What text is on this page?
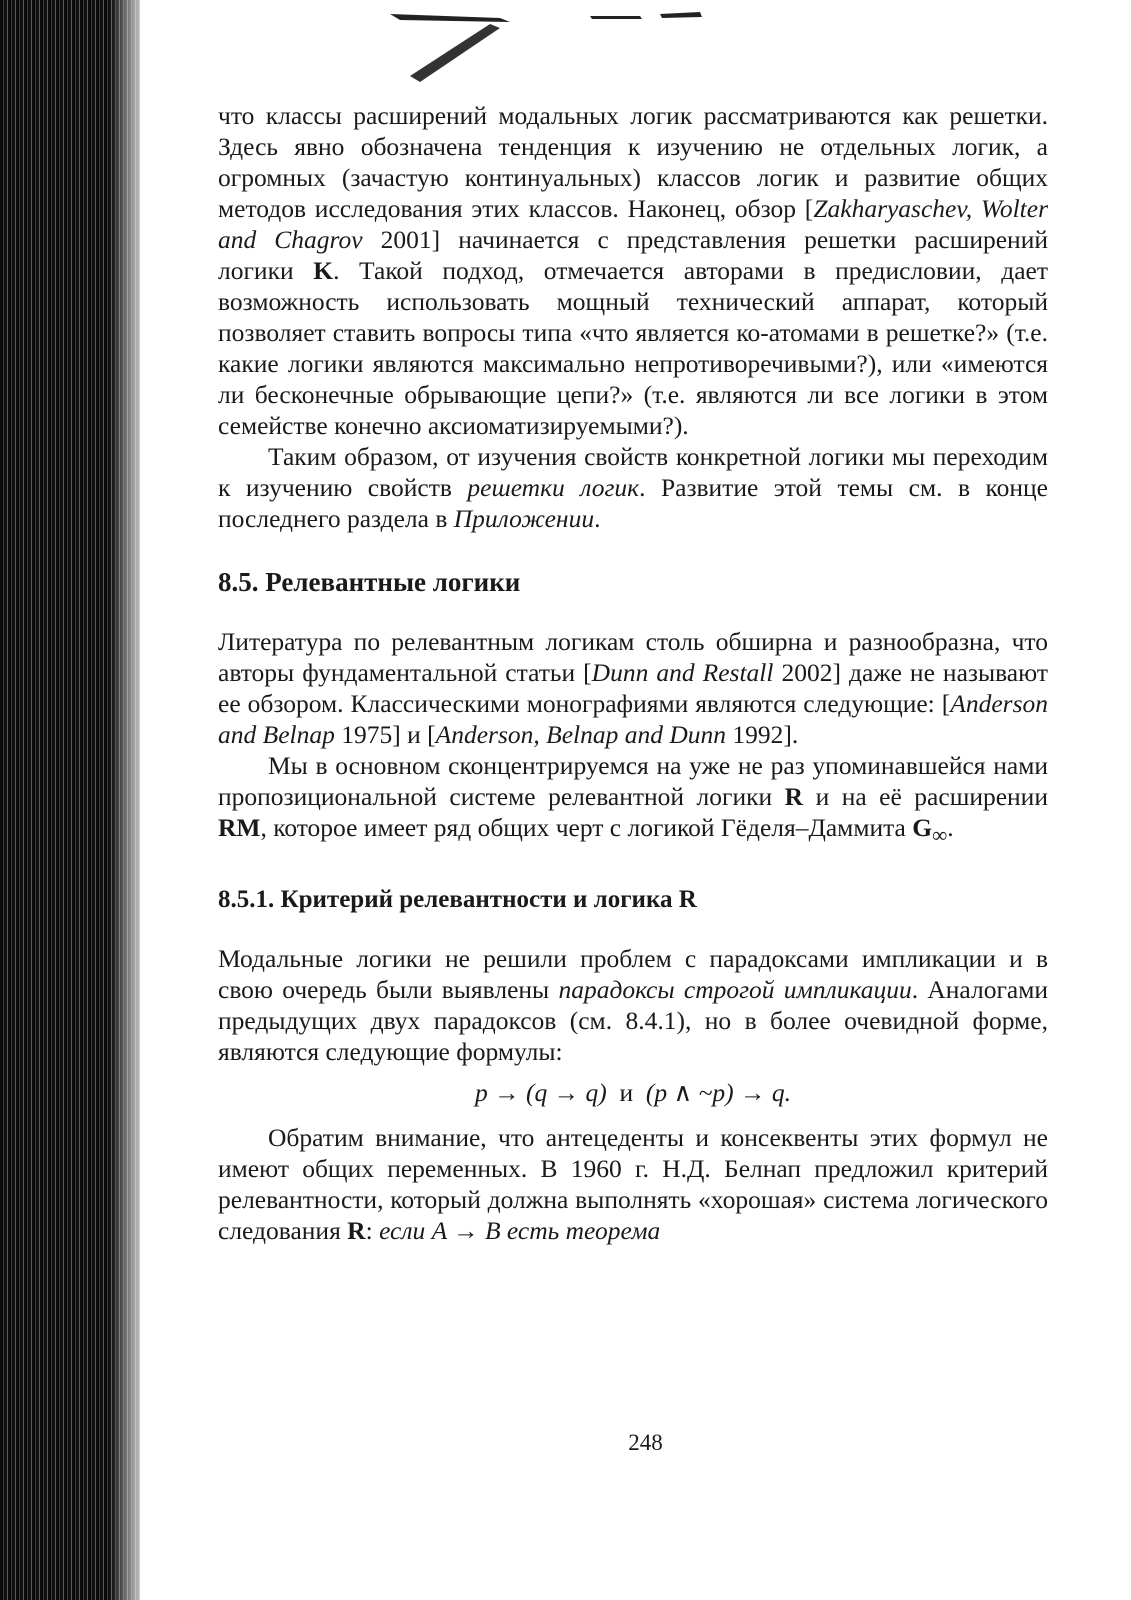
что классы расширений модальных логик рассматриваются как решетки. Здесь явно обозначена тенденция к изучению не отдельных логик, а огромных (зачастую континуальных) классов логик и развитие общих методов исследования этих классов. Наконец, обзор [Zakharyaschev, Wolter and Chagrov 2001] начинается с представления решетки расширений логики K. Такой подход, отмечается авторами в предисловии, дает возможность использовать мощный технический аппарат, который позволяет ставить вопросы типа «что является ко-атомами в решетке?» (т.е. какие логики являются максимально непротиворечивыми?), или «имеются ли бесконечные обрывающие цепи?» (т.е. являются ли все логики в этом семействе конечно аксиоматизируемыми?).

Таким образом, от изучения свойств конкретной логики мы переходим к изучению свойств решетки логик. Развитие этой темы см. в конце последнего раздела в Приложении.

8.5. Релевантные логики

Литература по релевантным логикам столь обширна и разнообразна, что авторы фундаментальной статьи [Dunn and Restall 2002] даже не называют ее обзором. Классическими монографиями являются следующие: [Anderson and Belnap 1975] и [Anderson, Belnap and Dunn 1992].

Мы в основном сконцентрируемся на уже не раз упоминавшейся нами пропозициональной системе релевантной логики R и на её расширении RM, которое имеет ряд общих черт с логикой Гёделя–Даммита $G_\infty$.

8.5.1. Критерий релевантности и логика R

Модальные логики не решили проблем с парадоксами импликации и в свою очередь были выявлены парадоксы строгой импликации. Аналогами предыдущих двух парадоксов (см. 8.4.1), но в более очевидной форме, являются следующие формулы:

p → (q → q) и (p ∧ ~p) → q.

Обратим внимание, что антецеденты и консеквенты этих формул не имеют общих переменных. В 1960 г. Н.Д. Белнап предложил критерий релевантности, который должна выполнять «хорошая» система логического следования R: если A → B есть теорема

248
